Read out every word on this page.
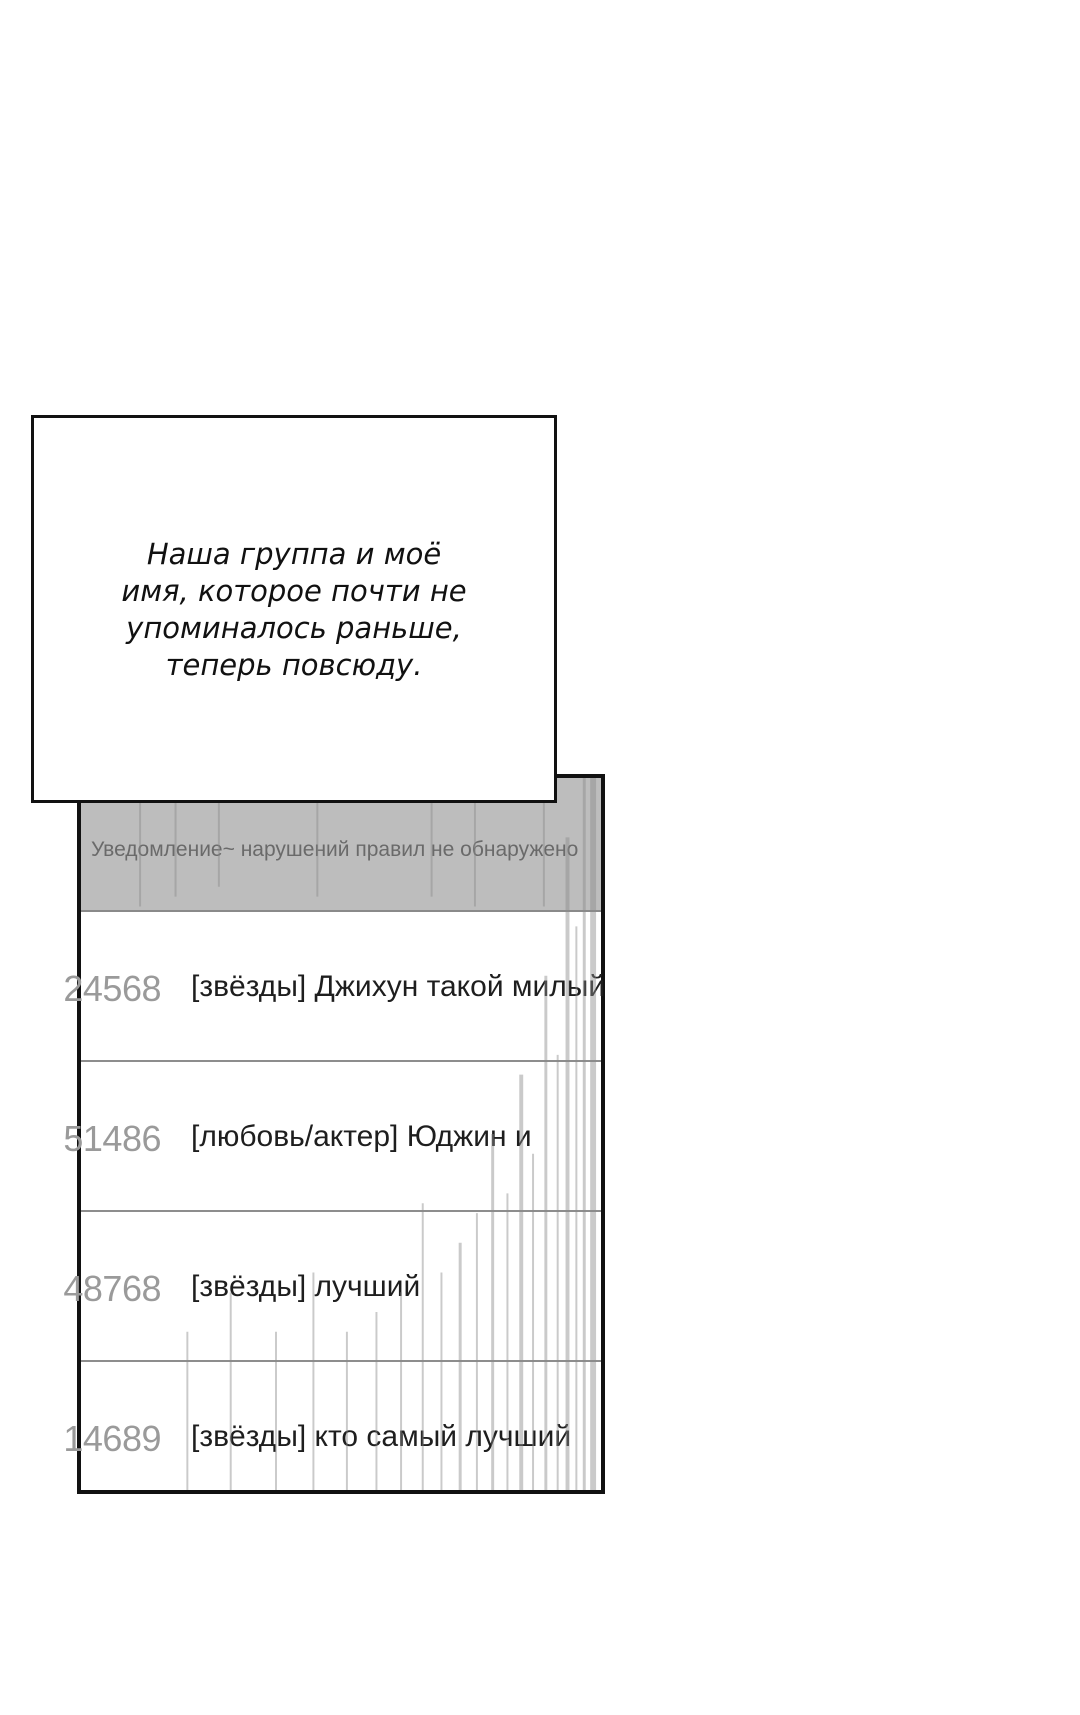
Уведомление~ нарушений правил не обнаружено
24568 [звёзды] Джихун такой милый
51486 [любовь/актер] Юджин и
48768 [звёзды] лучший
14689 [звёзды] кто самый лучший
Наша группа и моё
имя, которое почти не
упоминалось раньше,
теперь повсюду.
